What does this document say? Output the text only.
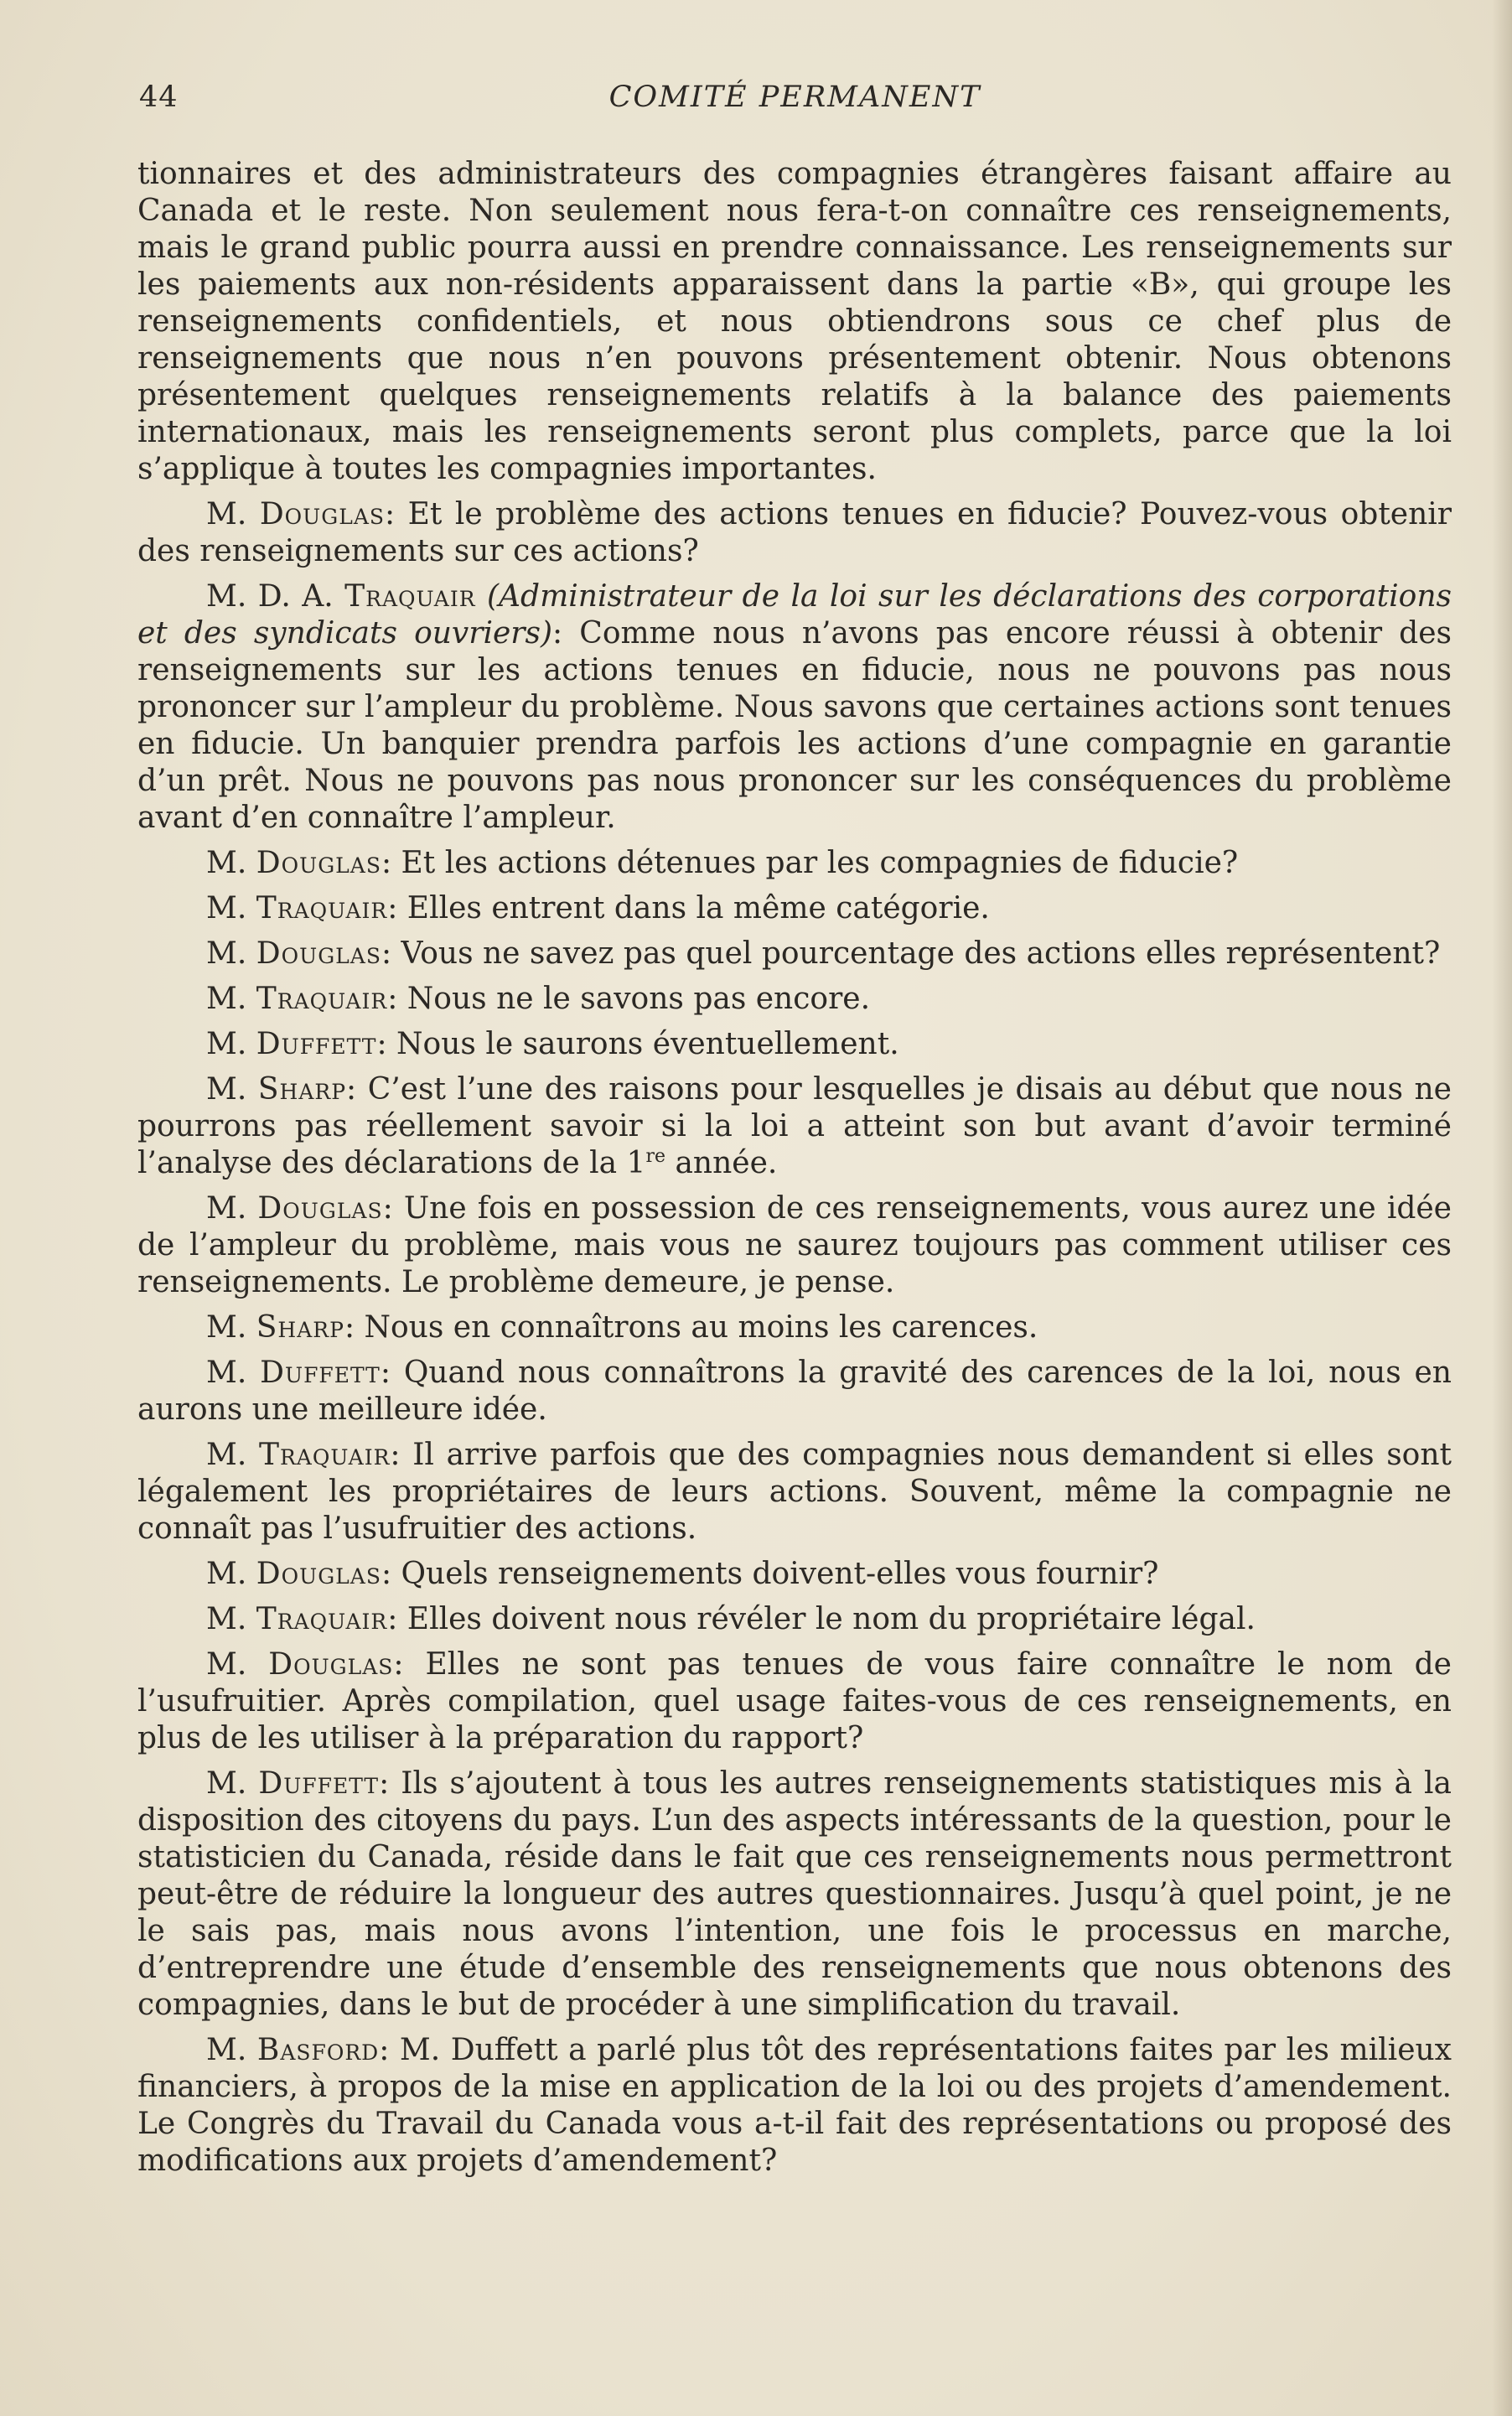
44	COMITÉ PERMANENT

tionnaires et des administrateurs des compagnies étrangères faisant affaire au Canada et le reste. Non seulement nous fera-t-on connaître ces renseignements, mais le grand public pourra aussi en prendre connaissance. Les renseignements sur les paiements aux non-résidents apparaissent dans la partie «B», qui groupe les renseignements confidentiels, et nous obtiendrons sous ce chef plus de renseignements que nous n’en pouvons présentement obtenir. Nous obtenons présentement quelques renseignements relatifs à la balance des paiements internationaux, mais les renseignements seront plus complets, parce que la loi s’applique à toutes les compagnies importantes.

M. Douglas: Et le problème des actions tenues en fiducie? Pouvez-vous obtenir des renseignements sur ces actions?

M. D. A. Traquair (Administrateur de la loi sur les déclarations des corporations et des syndicats ouvriers): Comme nous n’avons pas encore réussi à obtenir des renseignements sur les actions tenues en fiducie, nous ne pouvons pas nous prononcer sur l’ampleur du problème. Nous savons que certaines actions sont tenues en fiducie. Un banquier prendra parfois les actions d’une compagnie en garantie d’un prêt. Nous ne pouvons pas nous prononcer sur les conséquences du problème avant d’en connaître l’ampleur.

M. Douglas: Et les actions détenues par les compagnies de fiducie?

M. Traquair: Elles entrent dans la même catégorie.

M. Douglas: Vous ne savez pas quel pourcentage des actions elles représentent?

M. Traquair: Nous ne le savons pas encore.

M. Duffett: Nous le saurons éventuellement.

M. Sharp: C’est l’une des raisons pour lesquelles je disais au début que nous ne pourrons pas réellement savoir si la loi a atteint son but avant d’avoir terminé l’analyse des déclarations de la 1re année.

M. Douglas: Une fois en possession de ces renseignements, vous aurez une idée de l’ampleur du problème, mais vous ne saurez toujours pas comment utiliser ces renseignements. Le problème demeure, je pense.

M. Sharp: Nous en connaîtrons au moins les carences.

M. Duffett: Quand nous connaîtrons la gravité des carences de la loi, nous en aurons une meilleure idée.

M. Traquair: Il arrive parfois que des compagnies nous demandent si elles sont légalement les propriétaires de leurs actions. Souvent, même la compagnie ne connaît pas l’usufruitier des actions.

M. Douglas: Quels renseignements doivent-elles vous fournir?

M. Traquair: Elles doivent nous révéler le nom du propriétaire légal.

M. Douglas: Elles ne sont pas tenues de vous faire connaître le nom de l’usufruitier. Après compilation, quel usage faites-vous de ces renseignements, en plus de les utiliser à la préparation du rapport?

M. Duffett: Ils s’ajoutent à tous les autres renseignements statistiques mis à la disposition des citoyens du pays. L’un des aspects intéressants de la question, pour le statisticien du Canada, réside dans le fait que ces renseignements nous permettront peut-être de réduire la longueur des autres questionnaires. Jusqu’à quel point, je ne le sais pas, mais nous avons l’intention, une fois le processus en marche, d’entreprendre une étude d’ensemble des renseignements que nous obtenons des compagnies, dans le but de procéder à une simplification du travail.

M. Basford: M. Duffett a parlé plus tôt des représentations faites par les milieux financiers, à propos de la mise en application de la loi ou des projets d’amendement. Le Congrès du Travail du Canada vous a-t-il fait des représentations ou proposé des modifications aux projets d’amendement?
